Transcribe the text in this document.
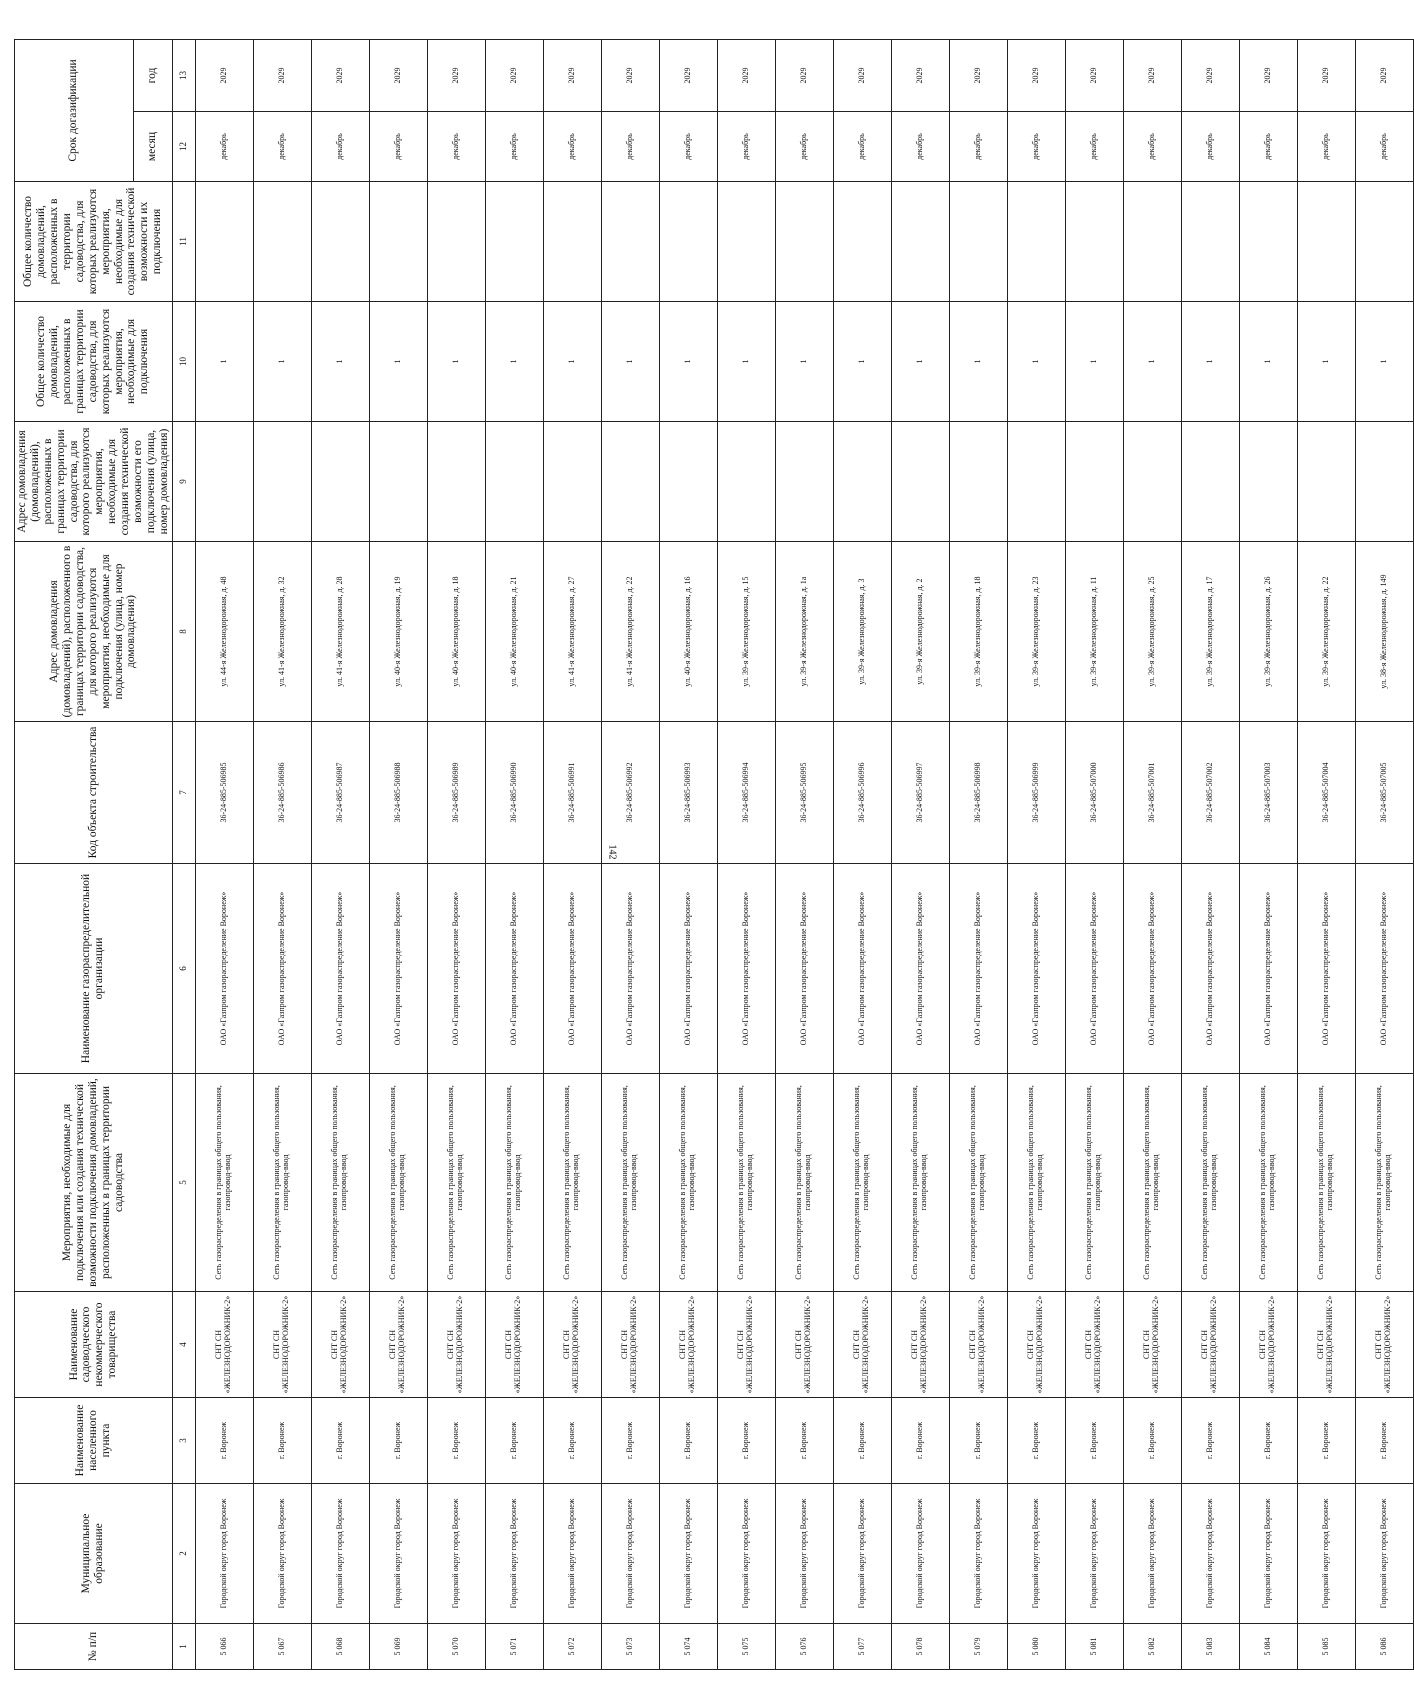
142
№ п/п	Муниципальное образование	Наименование населенного пункта	Наименование садоводческого некоммерческого товарищества	Мероприятия, необходимые для подключения или создания технической возможности подключения домовладений, расположенных в границах территории садоводства	Наименование газораспределительной организации	Код объекта строительства	Адрес домовладения (домовладений), расположенного в границах территории садоводства, для которого реализуются мероприятия, необходимые для подключения (улица, номер домовладения)	Адрес домовладения (домовладений), расположенных в границах территории садоводства, для которого реализуются мероприятия, необходимые для создания технической возможности его подключения (улица, номер домовладения)	Общее количество домовладений, расположенных в границах территории садоводства, для которых реализуются мероприятия, необходимые для подключения	Общее количество домовладений, расположенных в территории садоводства, для которых реализуются мероприятия, необходимые для создания технической возможности их подключения	Срок догазификации	
											месяц	год
1	2	3	4	5	6	7	8	9	10	11	12	13
5 066	Городской округ город Воронеж	г. Воронеж	СНТ СН «ЖЕЛЕЗНОДОРОЖНИК-2»	Сеть газораспределения в границах общего пользования, газопровод-ввод	ОАО «Газпром газораспределение Воронеж»	36-24-885-506985	ул. 44-я Железнодорожная, д. 48		1		декабрь	2029
5 067	Городской округ город Воронеж	г. Воронеж	СНТ СН «ЖЕЛЕЗНОДОРОЖНИК-2»	Сеть газораспределения в границах общего пользования, газопровод-ввод	ОАО «Газпром газораспределение Воронеж»	36-24-885-506986	ул. 41-я Железнодорожная, д. 32		1		декабрь	2029
5 068	Городской округ город Воронеж	г. Воронеж	СНТ СН «ЖЕЛЕЗНОДОРОЖНИК-2»	Сеть газораспределения в границах общего пользования, газопровод-ввод	ОАО «Газпром газораспределение Воронеж»	36-24-885-506987	ул. 41-я Железнодорожная, д. 28		1		декабрь	2029
5 069	Городской округ город Воронеж	г. Воронеж	СНТ СН «ЖЕЛЕЗНОДОРОЖНИК-2»	Сеть газораспределения в границах общего пользования, газопровод-ввод	ОАО «Газпром газораспределение Воронеж»	36-24-885-506988	ул. 40-я Железнодорожная, д. 19		1		декабрь	2029
5 070	Городской округ город Воронеж	г. Воронеж	СНТ СН «ЖЕЛЕЗНОДОРОЖНИК-2»	Сеть газораспределения в границах общего пользования, газопровод-ввод	ОАО «Газпром газораспределение Воронеж»	36-24-885-506989	ул. 40-я Железнодорожная, д. 18		1		декабрь	2029
5 071	Городской округ город Воронеж	г. Воронеж	СНТ СН «ЖЕЛЕЗНОДОРОЖНИК-2»	Сеть газораспределения в границах общего пользования, газопровод-ввод	ОАО «Газпром газораспределение Воронеж»	36-24-885-506990	ул. 40-я Железнодорожная, д. 21		1		декабрь	2029
5 072	Городской округ город Воронеж	г. Воронеж	СНТ СН «ЖЕЛЕЗНОДОРОЖНИК-2»	Сеть газораспределения в границах общего пользования, газопровод-ввод	ОАО «Газпром газораспределение Воронеж»	36-24-885-506991	ул. 41-я Железнодорожная, д. 27		1		декабрь	2029
5 073	Городской округ город Воронеж	г. Воронеж	СНТ СН «ЖЕЛЕЗНОДОРОЖНИК-2»	Сеть газораспределения в границах общего пользования, газопровод-ввод	ОАО «Газпром газораспределение Воронеж»	36-24-885-506992	ул. 41-я Железнодорожная, д. 22		1		декабрь	2029
5 074	Городской округ город Воронеж	г. Воронеж	СНТ СН «ЖЕЛЕЗНОДОРОЖНИК-2»	Сеть газораспределения в границах общего пользования, газопровод-ввод	ОАО «Газпром газораспределение Воронеж»	36-24-885-506993	ул. 40-я Железнодорожная, д. 16		1		декабрь	2029
5 075	Городской округ город Воронеж	г. Воронеж	СНТ СН «ЖЕЛЕЗНОДОРОЖНИК-2»	Сеть газораспределения в границах общего пользования, газопровод-ввод	ОАО «Газпром газораспределение Воронеж»	36-24-885-506994	ул. 39-я Железнодорожная, д. 15		1		декабрь	2029
5 076	Городской округ город Воронеж	г. Воронеж	СНТ СН «ЖЕЛЕЗНОДОРОЖНИК-2»	Сеть газораспределения в границах общего пользования, газопровод-ввод	ОАО «Газпром газораспределение Воронеж»	36-24-885-506995	ул. 39-я Железнодорожная, д. 1а		1		декабрь	2029
5 077	Городской округ город Воронеж	г. Воронеж	СНТ СН «ЖЕЛЕЗНОДОРОЖНИК-2»	Сеть газораспределения в границах общего пользования, газопровод-ввод	ОАО «Газпром газораспределение Воронеж»	36-24-885-506996	ул. 39-я Железнодорожная, д. 3		1		декабрь	2029
5 078	Городской округ город Воронеж	г. Воронеж	СНТ СН «ЖЕЛЕЗНОДОРОЖНИК-2»	Сеть газораспределения в границах общего пользования, газопровод-ввод	ОАО «Газпром газораспределение Воронеж»	36-24-885-506997	ул. 39-я Железнодорожная, д. 2		1		декабрь	2029
5 079	Городской округ город Воронеж	г. Воронеж	СНТ СН «ЖЕЛЕЗНОДОРОЖНИК-2»	Сеть газораспределения в границах общего пользования, газопровод-ввод	ОАО «Газпром газораспределение Воронеж»	36-24-885-506998	ул. 39-я Железнодорожная, д. 18		1		декабрь	2029
5 080	Городской округ город Воронеж	г. Воронеж	СНТ СН «ЖЕЛЕЗНОДОРОЖНИК-2»	Сеть газораспределения в границах общего пользования, газопровод-ввод	ОАО «Газпром газораспределение Воронеж»	36-24-885-506999	ул. 39-я Железнодорожная, д. 23		1		декабрь	2029
5 081	Городской округ город Воронеж	г. Воронеж	СНТ СН «ЖЕЛЕЗНОДОРОЖНИК-2»	Сеть газораспределения в границах общего пользования, газопровод-ввод	ОАО «Газпром газораспределение Воронеж»	36-24-885-507000	ул. 39-я Железнодорожная, д. 11		1		декабрь	2029
5 082	Городской округ город Воронеж	г. Воронеж	СНТ СН «ЖЕЛЕЗНОДОРОЖНИК-2»	Сеть газораспределения в границах общего пользования, газопровод-ввод	ОАО «Газпром газораспределение Воронеж»	36-24-885-507001	ул. 39-я Железнодорожная, д. 25		1		декабрь	2029
5 083	Городской округ город Воронеж	г. Воронеж	СНТ СН «ЖЕЛЕЗНОДОРОЖНИК-2»	Сеть газораспределения в границах общего пользования, газопровод-ввод	ОАО «Газпром газораспределение Воронеж»	36-24-885-507002	ул. 39-я Железнодорожная, д. 17		1		декабрь	2029
5 084	Городской округ город Воронеж	г. Воронеж	СНТ СН «ЖЕЛЕЗНОДОРОЖНИК-2»	Сеть газораспределения в границах общего пользования, газопровод-ввод	ОАО «Газпром газораспределение Воронеж»	36-24-885-507003	ул. 39-я Железнодорожная, д. 26		1		декабрь	2029
5 085	Городской округ город Воронеж	г. Воронеж	СНТ СН «ЖЕЛЕЗНОДОРОЖНИК-2»	Сеть газораспределения в границах общего пользования, газопровод-ввод	ОАО «Газпром газораспределение Воронеж»	36-24-885-507004	ул. 39-я Железнодорожная, д. 22		1		декабрь	2029
5 086	Городской округ город Воронеж	г. Воронеж	СНТ СН «ЖЕЛЕЗНОДОРОЖНИК-2»	Сеть газораспределения в границах общего пользования, газопровод-ввод	ОАО «Газпром газораспределение Воронеж»	36-24-885-507005	ул. 38-я Железнодорожная, д. 149		1		декабрь	2029
